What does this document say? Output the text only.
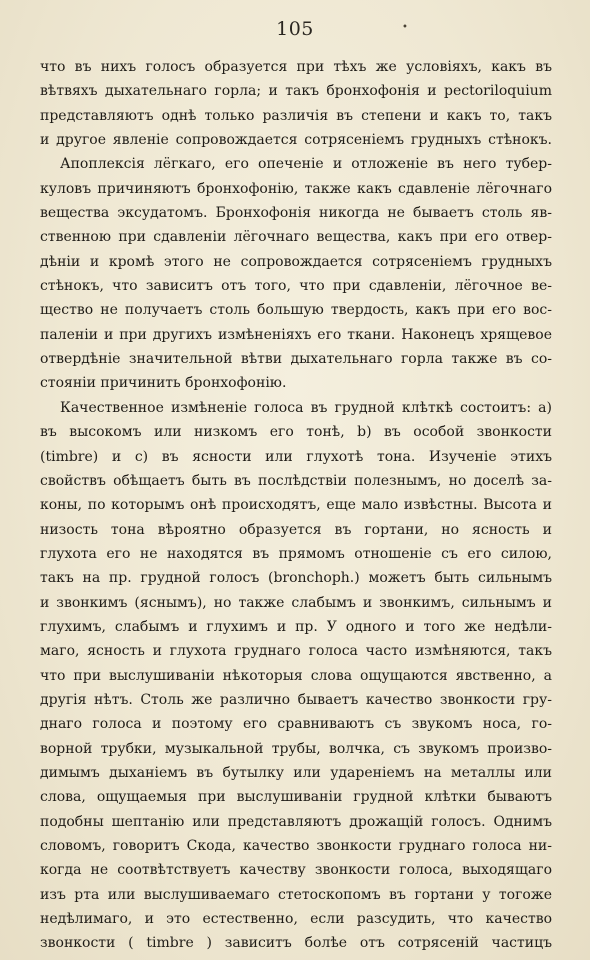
105	•
что въ нихъ голосъ образуется при тѣхъ же условіяхъ, какъ въ
вѣтвяхъ дыхательнаго горла; и такъ бронхофонія и pectoriloquium
представляютъ однѣ только различія въ степени и какъ то, такъ
и другое явленіе сопровождается сотрясеніемъ грудныхъ стѣнокъ.
Апоплексія лёгкаго, его опеченіе и отложеніе въ него тубер-
куловъ причиняютъ бронхофонію, также какъ сдавленіе лёгочнаго
вещества эксудатомъ. Бронхофонія никогда не бываетъ столь яв-
ственною при сдавленіи лёгочнаго вещества, какъ при его отвер-
дѣніи и кромѣ этого не сопровождается сотрясеніемъ грудныхъ
стѣнокъ, что зависитъ отъ того, что при сдавленіи, лёгочное ве-
щество не получаетъ столь большую твердость, какъ при его вос-
паленіи и при другихъ измѣненіяхъ его ткани. Наконецъ хрящевое
отвердѣніе значительной вѣтви дыхательнаго горла также въ со-
стояніи причинить бронхофонію.
Качественное измѣненіе голоса въ грудной клѣткѣ состоитъ: a)
въ высокомъ или низкомъ его тонѣ, b) въ особой звонкости
(timbre) и c) въ ясности или глухотѣ тона. Изученіе этихъ
свойствъ обѣщаетъ быть въ послѣдствіи полезнымъ, но доселѣ за-
коны, по которымъ онѣ происходятъ, еще мало извѣстны. Высота и
низость тона вѣроятно образуется въ гортани, но ясность и
глухота его не находятся въ прямомъ отношеніе съ его силою,
такъ на пр. грудной голосъ (bronchoph.) можетъ быть сильнымъ
и звонкимъ (яснымъ), но также слабымъ и звонкимъ, сильнымъ и
глухимъ, слабымъ и глухимъ и пр. У одного и того же недѣли-
маго, ясность и глухота груднаго голоса часто измѣняются, такъ
что при выслушиваніи нѣкоторыя слова ощущаются явственно, а
другія нѣтъ. Столь же различно бываетъ качество звонкости гру-
днаго голоса и поэтому его сравниваютъ съ звукомъ носа, го-
ворной трубки, музыкальной трубы, волчка, съ звукомъ произво-
димымъ дыханіемъ въ бутылку или удареніемъ на металлы или
слова, ощущаемыя при выслушиваніи грудной клѣтки бываютъ
подобны шептанію или представляютъ дрожащій голосъ. Однимъ
словомъ, говоритъ Скода, качество звонкости груднаго голоса ни-
когда не соотвѣтствуетъ качеству звонкости голоса, выходящаго
изъ рта или выслушиваемаго стетоскопомъ въ гортани у тогоже
недѣлимаго, и это естественно, если разсудить, что качество
звонкости ( timbre ) зависитъ болѣе отъ сотрясеній частицъ
